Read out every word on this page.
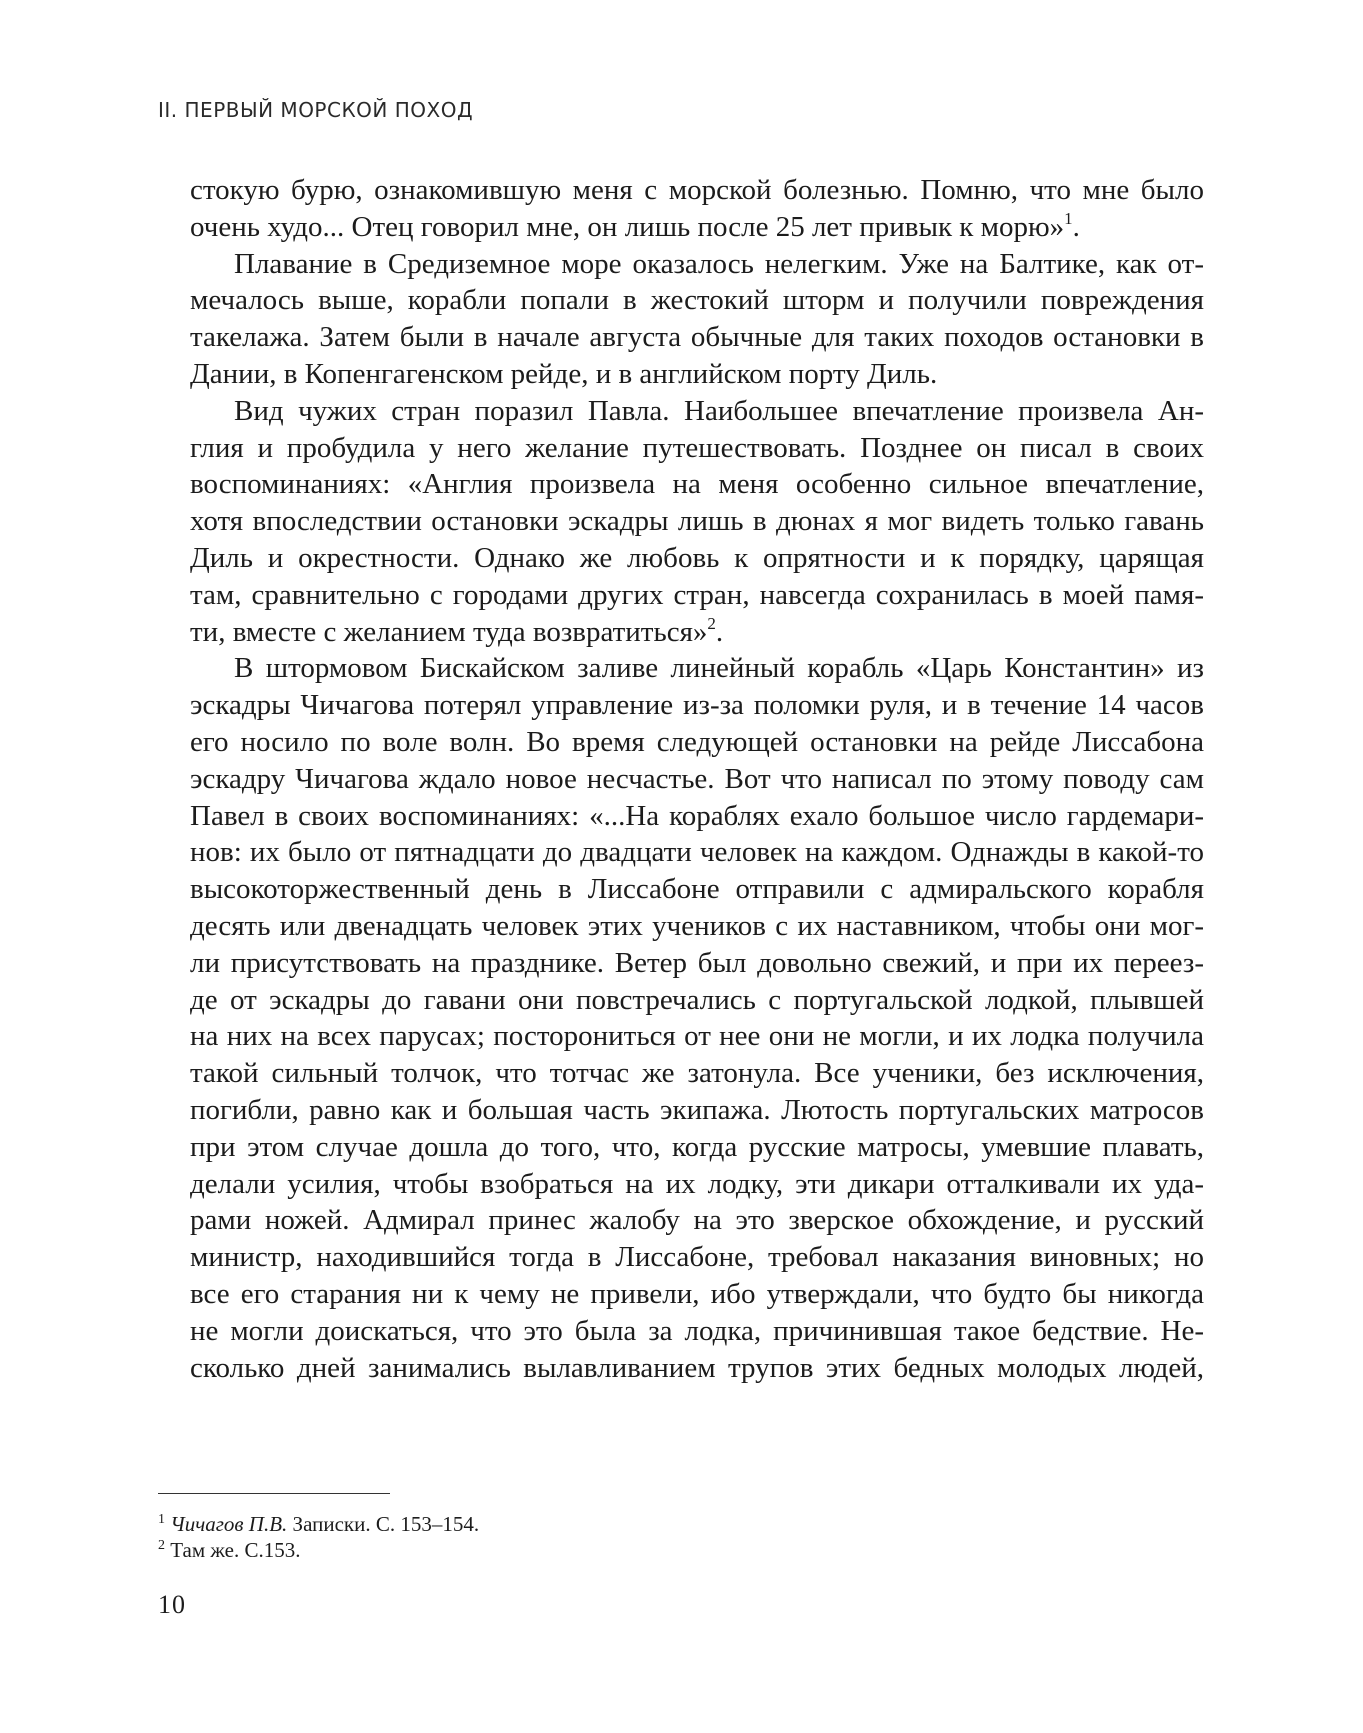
II. ПЕРВЫЙ МОРСКОЙ ПОХОД
стокую бурю, ознакомившую меня с морской болезнью. Помню, что мне было
очень худо... Отец говорил мне, он лишь после 25 лет привык к морю»$^1$.
Плавание в Средиземное море оказалось нелегким. Уже на Балтике, как от-
мечалось выше, корабли попали в жестокий шторм и получили повреждения
такелажа. Затем были в начале августа обычные для таких походов остановки в
Дании, в Копенгагенском рейде, и в английском порту Диль.
Вид чужих стран поразил Павла. Наибольшее впечатление произвела Ан-
глия и пробудила у него желание путешествовать. Позднее он писал в своих
воспоминаниях: «Англия произвела на меня особенно сильное впечатление,
хотя впоследствии остановки эскадры лишь в дюнах я мог видеть только гавань
Диль и окрестности. Однако же любовь к опрятности и к порядку, царящая
там, сравнительно с городами других стран, навсегда сохранилась в моей памя-
ти, вместе с желанием туда возвратиться»$^2$.
В штормовом Бискайском заливе линейный корабль «Царь Константин» из
эскадры Чичагова потерял управление из-за поломки руля, и в течение 14 часов
его носило по воле волн. Во время следующей остановки на рейде Лиссабона
эскадру Чичагова ждало новое несчастье. Вот что написал по этому поводу сам
Павел в своих воспоминаниях: «...На кораблях ехало большое число гардемари-
нов: их было от пятнадцати до двадцати человек на каждом. Однажды в какой-то
высокоторжественный день в Лиссабоне отправили с адмиральского корабля
десять или двенадцать человек этих учеников с их наставником, чтобы они мог-
ли присутствовать на празднике. Ветер был довольно свежий, и при их переез-
де от эскадры до гавани они повстречались с португальской лодкой, плывшей
на них на всех парусах; посторониться от нее они не могли, и их лодка получила
такой сильный толчок, что тотчас же затонула. Все ученики, без исключения,
погибли, равно как и большая часть экипажа. Лютость португальских матросов
при этом случае дошла до того, что, когда русские матросы, умевшие плавать,
делали усилия, чтобы взобраться на их лодку, эти дикари отталкивали их уда-
рами ножей. Адмирал принес жалобу на это зверское обхождение, и русский
министр, находившийся тогда в Лиссабоне, требовал наказания виновных; но
все его старания ни к чему не привели, ибо утверждали, что будто бы никогда
не могли доискаться, что это была за лодка, причинившая такое бедствие. Не-
сколько дней занимались вылавливанием трупов этих бедных молодых людей,
$^1$ Чичагов П.В. Записки. С. 153–154.
$^2$ Там же. С.153.
10
